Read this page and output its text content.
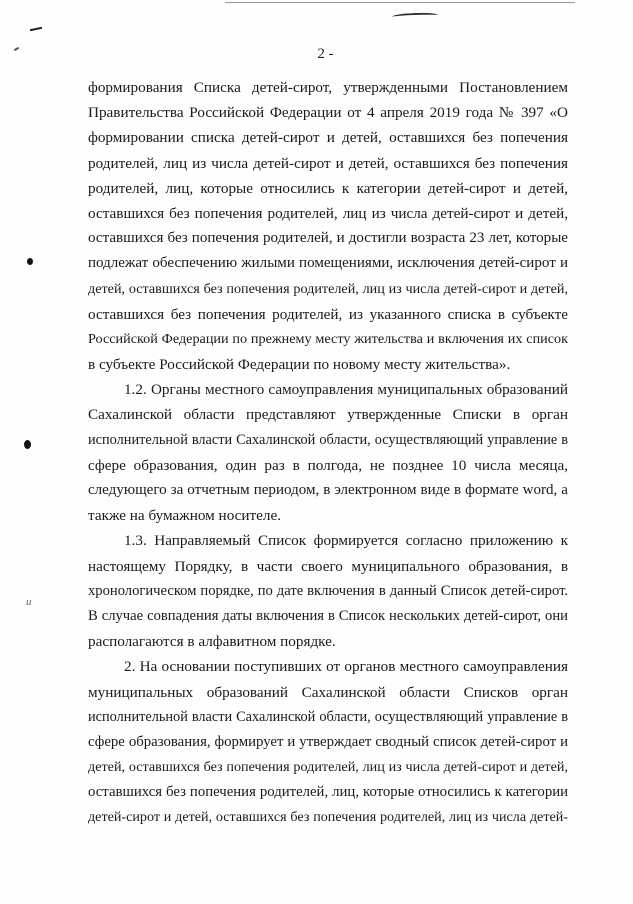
u
2 -
формирования Списка детей-сирот, утвержденными Постановлением
Правительства Российской Федерации от 4 апреля 2019 года № 397 «О
формировании списка детей-сирот и детей, оставшихся без попечения
родителей, лиц из числа детей-сирот и детей, оставшихся без попечения
родителей, лиц, которые относились к категории детей-сирот и детей,
оставшихся без попечения родителей, лиц из числа детей-сирот и детей,
оставшихся без попечения родителей, и достигли возраста 23 лет, которые
подлежат обеспечению жилыми помещениями, исключения детей-сирот и
детей, оставшихся без попечения родителей, лиц из числа детей-сирот и детей,
оставшихся без попечения родителей, из указанного списка в субъекте
Российской Федерации по прежнему месту жительства и включения их список
в субъекте Российской Федерации по новому месту жительства».
1.2. Органы местного самоуправления муниципальных образований
Сахалинской области представляют утвержденные Списки в орган
исполнительной власти Сахалинской области, осуществляющий управление в
сфере образования, один раз в полгода, не позднее 10 числа месяца,
следующего за отчетным периодом, в электронном виде в формате word, а
также на бумажном носителе.
1.3. Направляемый Список формируется согласно приложению к
настоящему Порядку, в части своего муниципального образования, в
хронологическом порядке, по дате включения в данный Список детей-сирот.
В случае совпадения даты включения в Список нескольких детей-сирот, они
располагаются в алфавитном порядке.
2. На основании поступивших от органов местного самоуправления
муниципальных образований Сахалинской области Списков орган
исполнительной власти Сахалинской области, осуществляющий управление в
сфере образования, формирует и утверждает сводный список детей-сирот и
детей, оставшихся без попечения родителей, лиц из числа детей-сирот и детей,
оставшихся без попечения родителей, лиц, которые относились к категории
детей-сирот и детей, оставшихся без попечения родителей, лиц из числа детей-
